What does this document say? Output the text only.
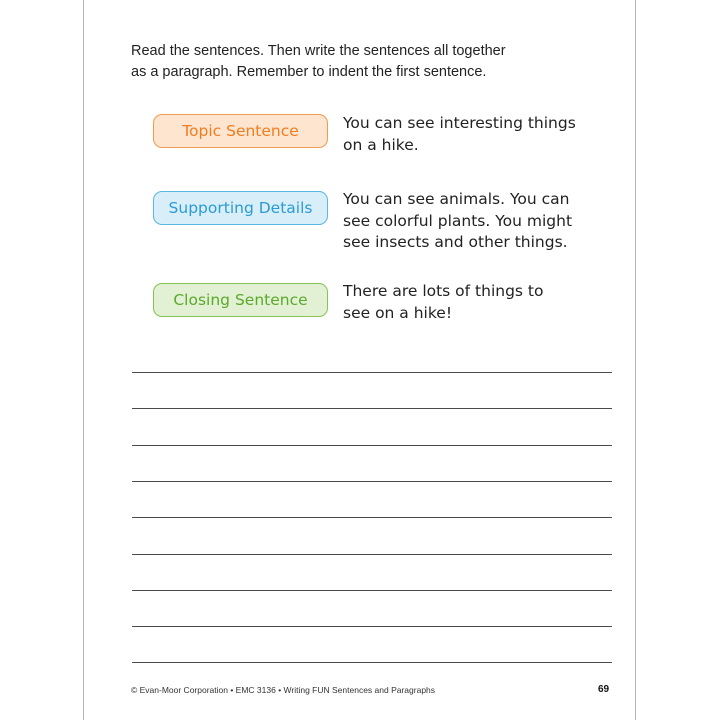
Read the sentences. Then write the sentences all together
as a paragraph. Remember to indent the first sentence.
Topic Sentence	You can see interesting things
on a hike.
Supporting Details	You can see animals. You can
see colorful plants. You might
see insects and other things.
Closing Sentence	There are lots of things to
see on a hike!
© Evan-Moor Corporation • EMC 3136 • Writing FUN Sentences and Paragraphs	69
